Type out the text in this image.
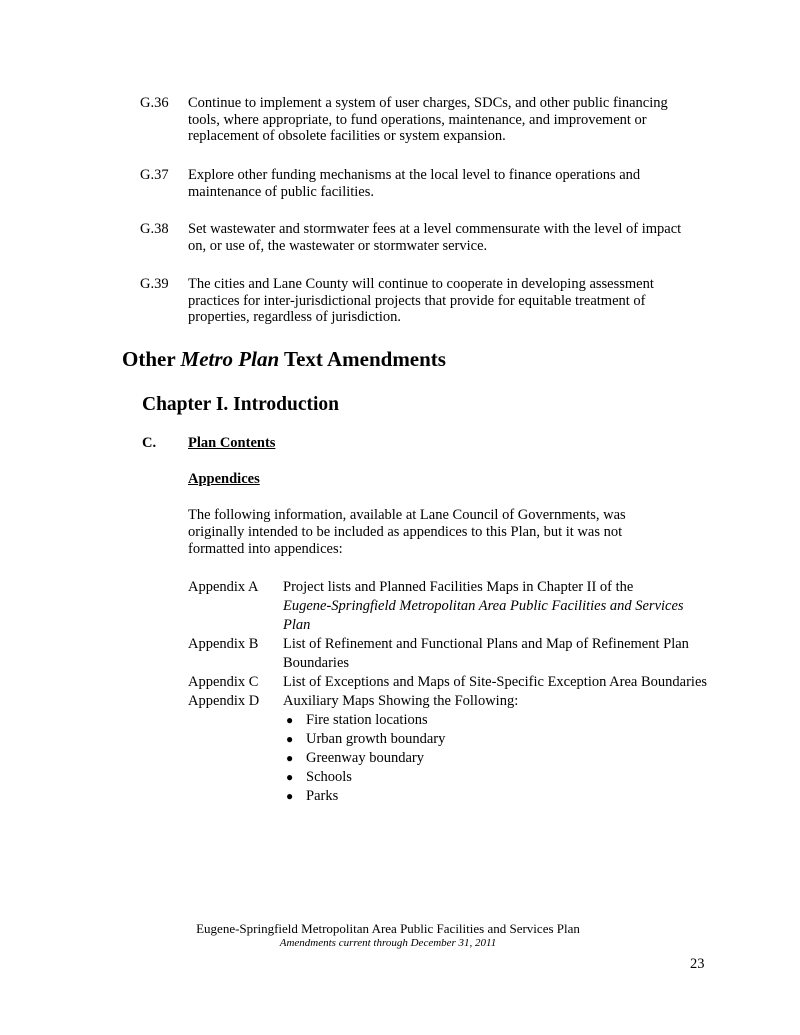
G.36 Continue to implement a system of user charges, SDCs, and other public financing tools, where appropriate, to fund operations, maintenance, and improvement or replacement of obsolete facilities or system expansion.
G.37 Explore other funding mechanisms at the local level to finance operations and maintenance of public facilities.
G.38 Set wastewater and stormwater fees at a level commensurate with the level of impact on, or use of, the wastewater or stormwater service.
G.39 The cities and Lane County will continue to cooperate in developing assessment practices for inter-jurisdictional projects that provide for equitable treatment of properties, regardless of jurisdiction.
Other Metro Plan Text Amendments
Chapter I. Introduction
C. Plan Contents
Appendices
The following information, available at Lane Council of Governments, was originally intended to be included as appendices to this Plan, but it was not formatted into appendices:
Appendix A Project lists and Planned Facilities Maps in Chapter II of the
Eugene-Springfield Metropolitan Area Public Facilities and Services Plan
Appendix B List of Refinement and Functional Plans and Map of Refinement Plan Boundaries
Appendix C List of Exceptions and Maps of Site-Specific Exception Area Boundaries
Appendix D Auxiliary Maps Showing the Following:
● Fire station locations
● Urban growth boundary
● Greenway boundary
● Schools
● Parks
Eugene-Springfield Metropolitan Area Public Facilities and Services Plan
Amendments current through December 31, 2011
23
